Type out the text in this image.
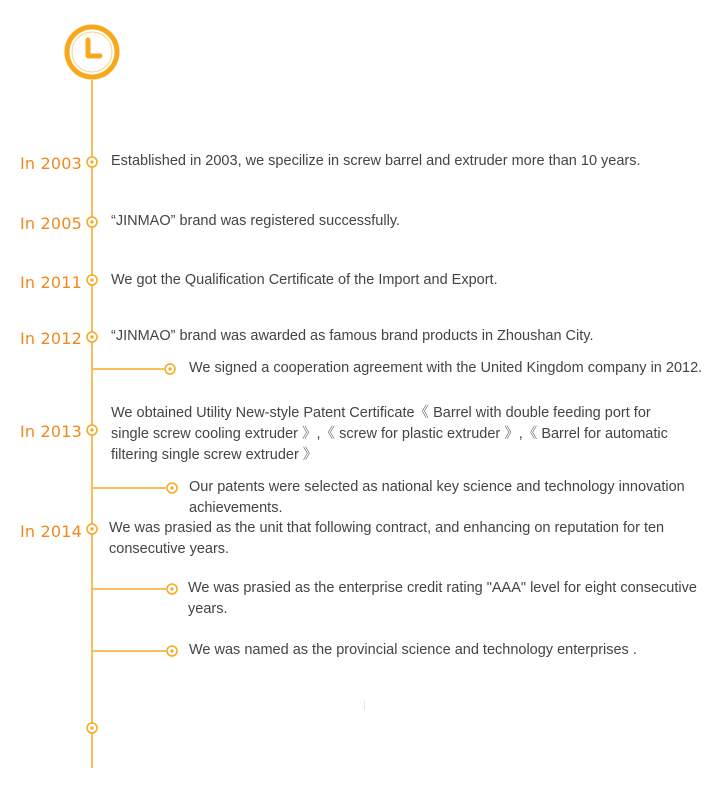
In 2003 Established in 2003, we specilize in screw barrel and extruder more than 10 years.
In 2005 “JINMAO” brand was registered successfully.
In 2011 We got the Qualification Certificate of the Import and Export.
In 2012 “JINMAO” brand was awarded as famous brand products in Zhoushan City.
We signed a cooperation agreement with the United Kingdom company in 2012.
In 2013
We obtained Utility New-style Patent Certificate《 Barrel with double feeding port for single screw cooling extruder 》,《 screw for plastic extruder 》,《 Barrel for automatic filtering single screw extruder 》
Our patents were selected as national key science and technology innovation achievements.
In 2014 We was prasied as the unit that following contract, and enhancing on reputation for ten consecutive years.
We was prasied as the enterprise credit rating "AAA" level for eight consecutive years.
We was named as the provincial science and technology enterprises .
